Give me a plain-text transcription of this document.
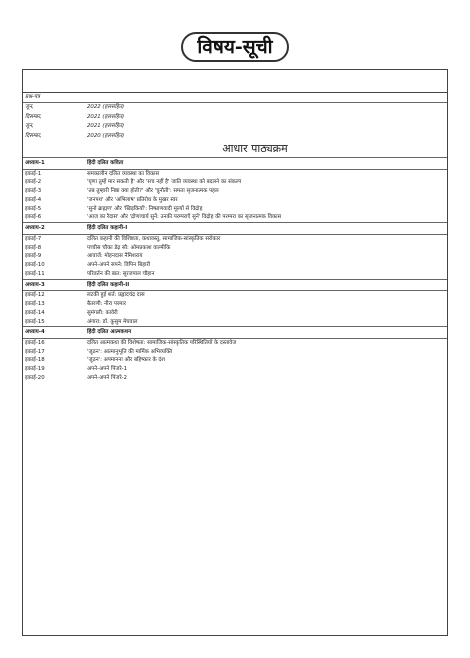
विषय-सूची
प्रश्न-पत्र
जून,	2022 (हलसहित)
दिसम्बर,	2021 (हलसहित)
जून,	2021 (हलसहित)
दिसम्बर,	2020 (हलसहित)
आधार पाठ्यक्रम
अध्याय-1	हिंदी दलित कविता
इकाई-1	समकालीन दलित व्यवस्था का विकास
इकाई-2	'घृणा तुम्हें मार सकती है' और 'सच नहीं है' जाति व्यवस्था को बदलने का संकल्प
इकाई-3	'तब तुम्हारी निष्ठा क्या होती?' और 'चुनौती': समता सृजनात्मक पहल
इकाई-4	'जनपथ' और 'अभिलाष' प्रतिरोध के मुखर स्वर
इकाई-5	'सुनो ब्राह्मण' और 'खिड़कियाँ': निष्प्राणवादी मूल्यों से विद्रोह
इकाई-6	'आज का रैदास' और 'द्रोणाचार्य सुनें: उनकी परम्पराएँ सुनें' विद्रोह की परम्परा का सृजनात्मक विकास
अध्याय-2	हिंदी दलित कहानी-I
इकाई-7	दलित कहानी की विशिष्टता, कथावस्तु, सामाजिक-सांस्कृतिक सरोकार
इकाई-8	पच्चीस चौका डेढ़ सौ: ओमप्रकाश वाल्मीकि
इकाई-9	आवाजें: मोहनदास नैमिशराय
इकाई-10	अपने-अपने सपने: विपिन बिहारी
इकाई-11	परिवर्तन की बात: सूरजपाल चौहान
अध्याय-3	हिंदी दलित कहानी-II
इकाई-12	लटकी हुई शर्त: प्रह्लादचंद्र दास
इकाई-13	बैतरणी: नीरा परमार
इकाई-14	सुमंगली: कावेरी
इकाई-15	अंगारा: डॉ. कुसुम मेघवाल
अध्याय-4	हिंदी दलित आत्मकथन
इकाई-16	दलित आत्मकथा की विशेषता: सामाजिक-सांस्कृतिक परिस्थितियों के दस्तावेज
इकाई-17	'जूठन': आत्मानुभूति की मार्मिक अभिव्यक्ति
इकाई-18	'जूठन': अपमानना और बहिष्कार के दंश
इकाई-19	अपने-अपने पिंजरे-1
इकाई-20	अपने-अपने पिंजरे-2
